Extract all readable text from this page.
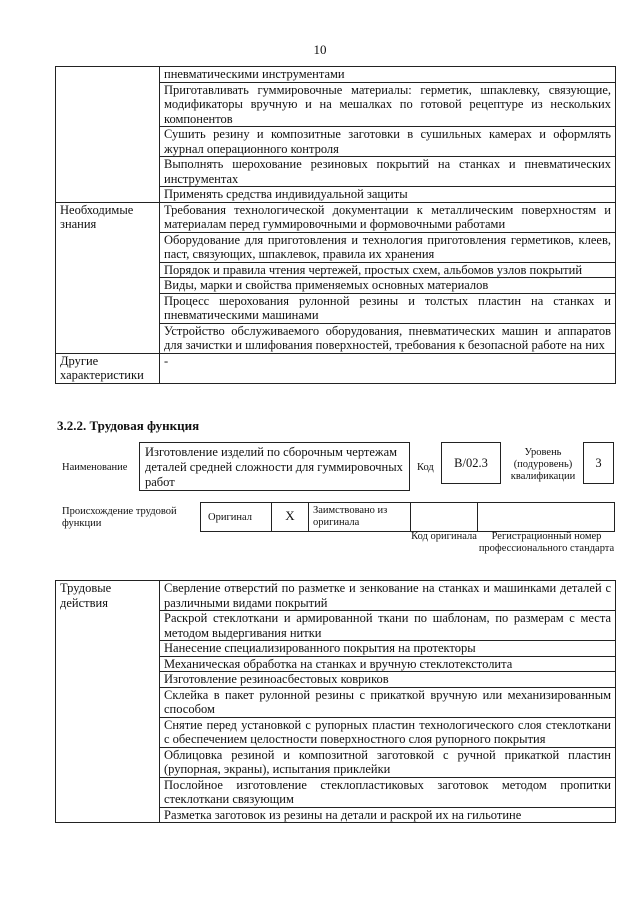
10
	пневматическими инструментами
	Приготавливать гуммировочные материалы: герметик, шпаклевку, связующие, модификаторы вручную и на мешалках по готовой рецептуре из нескольких компонентов
	Сушить резину и композитные заготовки в сушильных камерах и оформлять журнал операционного контроля
	Выполнять шерохование резиновых покрытий на станках и пневматических инструментах
	Применять средства индивидуальной защиты
Необходимые знания	Требования технологической документации к металлическим поверхностям и материалам перед гуммировочными и формовочными работами
	Оборудование для приготовления и технология приготовления герметиков, клеев, паст, связующих, шпаклевок, правила их хранения
	Порядок и правила чтения чертежей, простых схем, альбомов узлов покрытий
	Виды, марки и свойства применяемых основных материалов
	Процесс шерохования рулонной резины и толстых пластин на станках и пневматическими машинами
	Устройство обслуживаемого оборудования, пневматических машин и аппаратов для зачистки и шлифования поверхностей, требования к безопасной работе на них
Другие характеристики	-
3.2.2. Трудовая функция
Наименование
Изготовление изделий по сборочным чертежам деталей средней сложности для гуммировочных работ
Код	В/02.3
Уровень (подуровень) квалификации
3
Происхождение трудовой функции
Оригинал	X	Заимствовано из оригинала
Код оригинала	Регистрационный номер профессионального стандарта
Трудовые действия	Сверление отверстий по разметке и зенкование на станках и машинками деталей с различными видами покрытий
Раскрой стеклоткани и армированной ткани по шаблонам, по размерам с места методом выдергивания нитки
Нанесение специализированного покрытия на протекторы
Механическая обработка на станках и вручную стеклотекстолита
Изготовление резиноасбестовых ковриков
Склейка в пакет рулонной резины с прикаткой вручную или механизированным способом
Снятие перед установкой с рупорных пластин технологического слоя стеклоткани с обеспечением целостности поверхностного слоя рупорного покрытия
Облицовка резиной и композитной заготовкой с ручной прикаткой пластин (рупорная, экраны), испытания приклейки
Послойное изготовление стеклопластиковых заготовок методом пропитки стеклоткани связующим
Разметка заготовок из резины на детали и раскрой их на гильотине
